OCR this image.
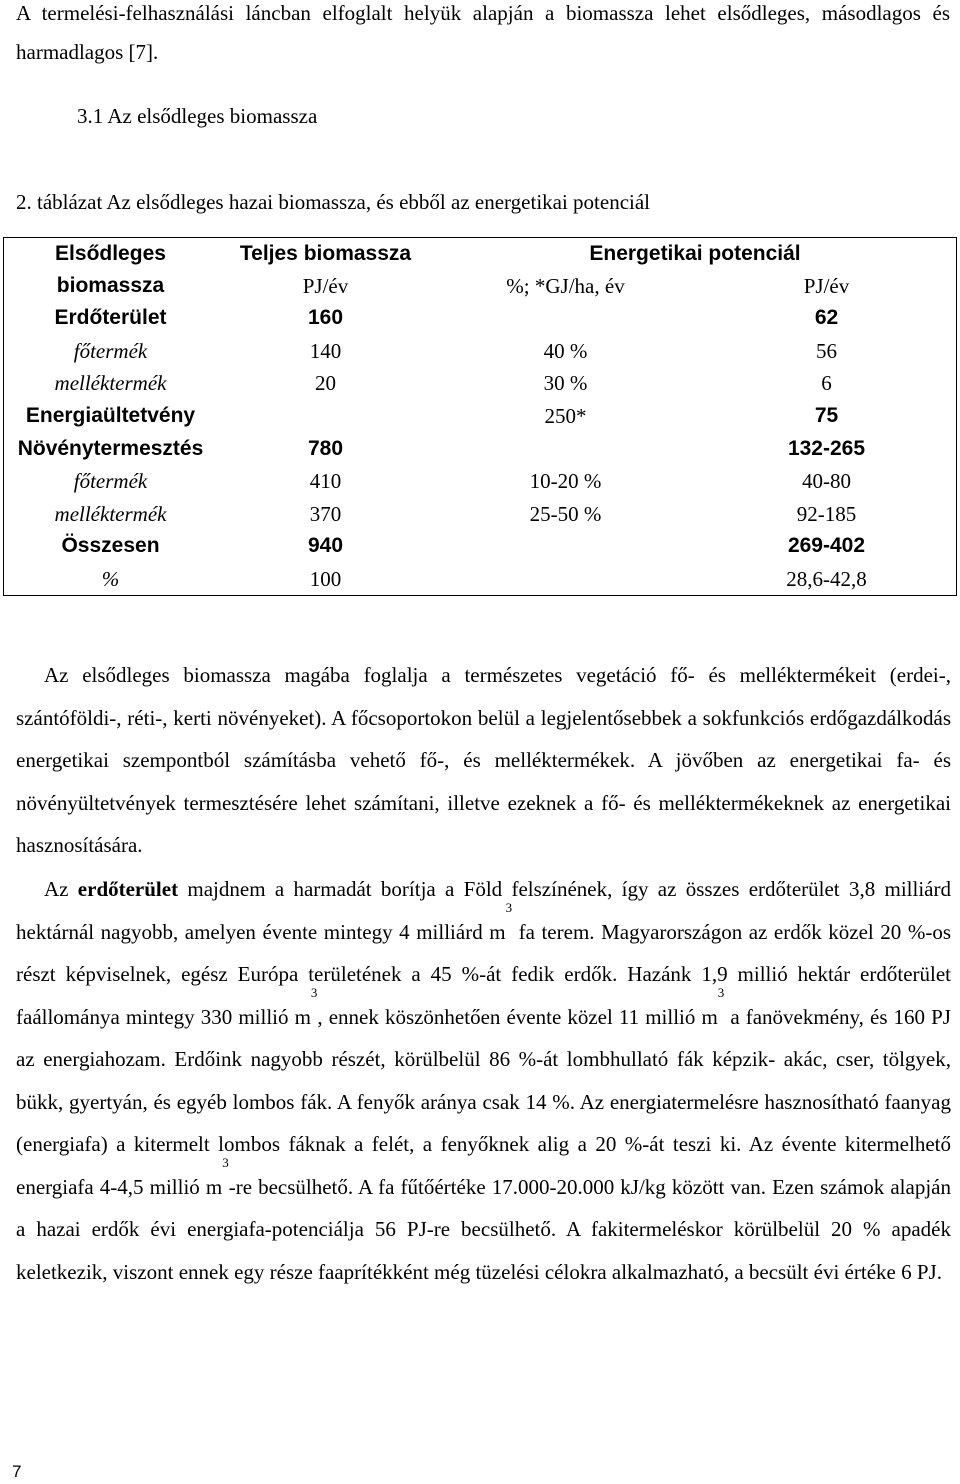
A termelési-felhasználási láncban elfoglalt helyük alapján a biomassza lehet elsődleges, másodlagos és harmadlagos [7].
3.1 Az elsődleges biomassza
2. táblázat Az elsődleges hazai biomassza, és ebből az energetikai potenciál
Elsődleges	Teljes biomassza	Energetikai potenciál	
biomassza	PJ/év	%; *GJ/ha, év	PJ/év
Erdőterület	160		62
főtermék	140	40 %	56
melléktermék	20	30 %	6
Energiaültetvény		250*	75
Növénytermesztés	780		132-265
főtermék	410	10-20 %	40-80
melléktermék	370	25-50 %	92-185
Összesen	940		269-402
%	100		28,6-42,8
Az elsődleges biomassza magába foglalja a természetes vegetáció fő- és melléktermékeit (erdei-, szántóföldi-, réti-, kerti növényeket). A főcsoportokon belül a legjelentősebbek a sokfunkciós erdőgazdálkodás energetikai szempontból számításba vehető fő-, és melléktermékek. A jövőben az energetikai fa- és növényültetvények termesztésére lehet számítani, illetve ezeknek a fő- és melléktermékeknek az energetikai hasznosítására.
Az erdőterület majdnem a harmadát borítja a Föld felszínének, így az összes erdőterület 3,8 milliárd hektárnál nagyobb, amelyen évente mintegy 4 milliárd $m^3$ fa terem. Magyarországon az erdők közel 20 %-os részt képviselnek, egész Európa területének a 45 %-át fedik erdők. Hazánk 1,9 millió hektár erdőterület faállománya mintegy 330 millió $m^3$, ennek köszönhetően évente közel 11 millió $m^3$ a fanövekmény, és 160 PJ az energiahozam. Erdőink nagyobb részét, körülbelül 86 %-át lombhullató fák képzik- akác, cser, tölgyek, bükk, gyertyán, és egyéb lombos fák. A fenyők aránya csak 14 %. Az energiatermelésre hasznosítható faanyag (energiafa) a kitermelt lombos fáknak a felét, a fenyőknek alig a 20 %-át teszi ki. Az évente kitermelhető energiafa 4-4,5 millió $m^3-re$ becsülhető. A fa fűtőértéke 17.000-20.000 kJ/kg között van. Ezen számok alapján a hazai erdők évi energiafa-potenciálja 56 PJ-re becsülhető. A fakitermeléskor körülbelül 20 % apadék keletkezik, viszont ennek egy része faaprítékként még tüzelési célokra alkalmazható, a becsült évi értéke 6 PJ.
7
